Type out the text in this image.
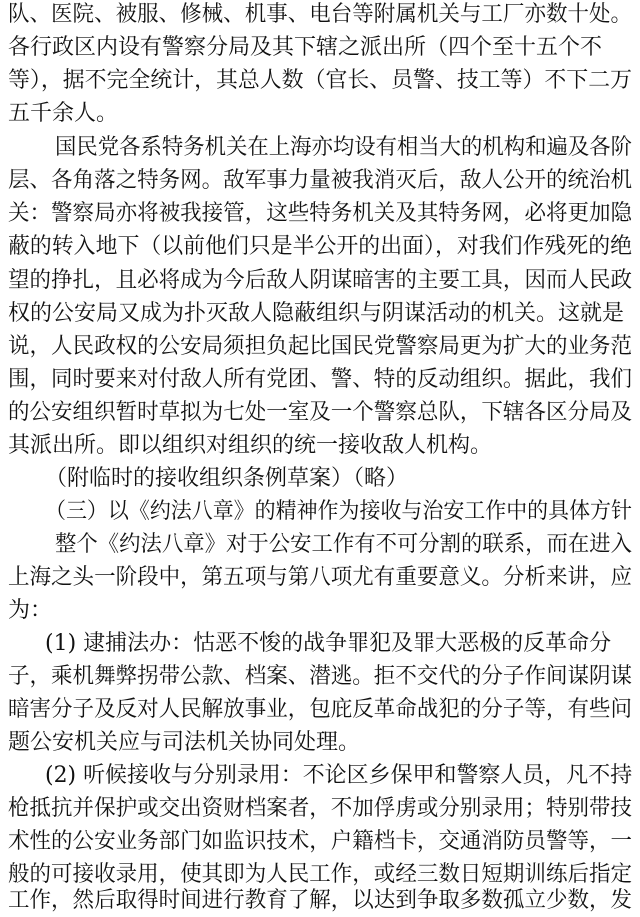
队、医院、被服、修械、机事、电台等附属机关与工厂亦数十处。
各行政区内设有警察分局及其下辖之派出所（四个至十五个不
等），据不完全统计，其总人数（官长、员警、技工等）不下二万
五千余人。
国民党各系特务机关在上海亦均设有相当大的机构和遍及各阶
层、各角落之特务网。敌军事力量被我消灭后，敌人公开的统治机
关：警察局亦将被我接管，这些特务机关及其特务网，必将更加隐
蔽的转入地下（以前他们只是半公开的出面），对我们作残死的绝
望的挣扎，且必将成为今后敌人阴谋暗害的主要工具，因而人民政
权的公安局又成为扑灭敌人隐蔽组织与阴谋活动的机关。这就是
说，人民政权的公安局须担负起比国民党警察局更为扩大的业务范
围，同时要来对付敌人所有党团、警、特的反动组织。据此，我们
的公安组织暂时草拟为七处一室及一个警察总队，下辖各区分局及
其派出所。即以组织对组织的统一接收敌人机构。
（附临时的接收组织条例草案）（略）
（三）以《约法八章》的精神作为接收与治安工作中的具体方针
整个《约法八章》对于公安工作有不可分割的联系，而在进入
上海之头一阶段中，第五项与第八项尤有重要意义。分析来讲，应
为：
(1) 逮捕法办：怙恶不悛的战争罪犯及罪大恶极的反革命分
子，乘机舞弊拐带公款、档案、潜逃。拒不交代的分子作间谋阴谋
暗害分子及反对人民解放事业，包庇反革命战犯的分子等，有些问
题公安机关应与司法机关协同处理。
(2) 听候接收与分别录用：不论区乡保甲和警察人员，凡不持
枪抵抗并保护或交出资财档案者，不加俘虏或分别录用；特别带技
术性的公安业务部门如监识技术，户籍档卡，交通消防员警等，一
般的可接收录用，使其即为人民工作，或经三数日短期训练后指定
工作，然后取得时间进行教育了解，以达到争取多数孤立少数，发
